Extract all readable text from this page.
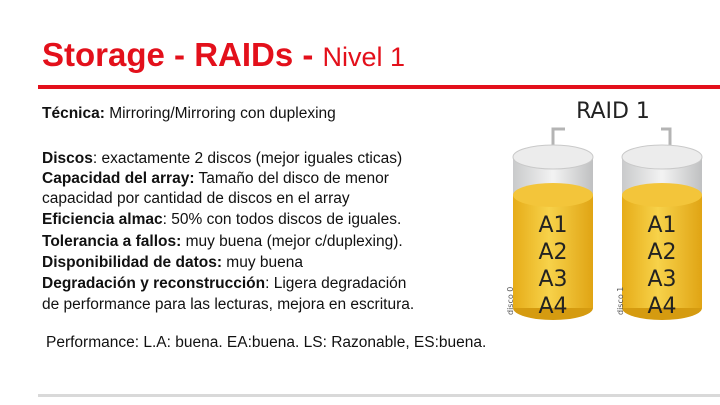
Storage - RAIDs - Nivel 1
Técnica: Mirroring/Mirroring con duplexing
Discos: exactamente 2 discos (mejor iguales cticas)
Capacidad del array: Tamaño del disco de menor
capacidad por cantidad de discos en el array
Eficiencia almac: 50% con todos discos de iguales.
Tolerancia a fallos: muy buena (mejor c/duplexing).
Disponibilidad de datos: muy buena
Degradación y reconstrucción: Ligera degradación
de performance para las lecturas, mejora en escritura.
Performance: L.A: buena. EA:buena. LS: Razonable, ES:buena.
RAID 1
A1
A2
A3
A4
disco 0
A1
A2
A3
A4
disco 1
